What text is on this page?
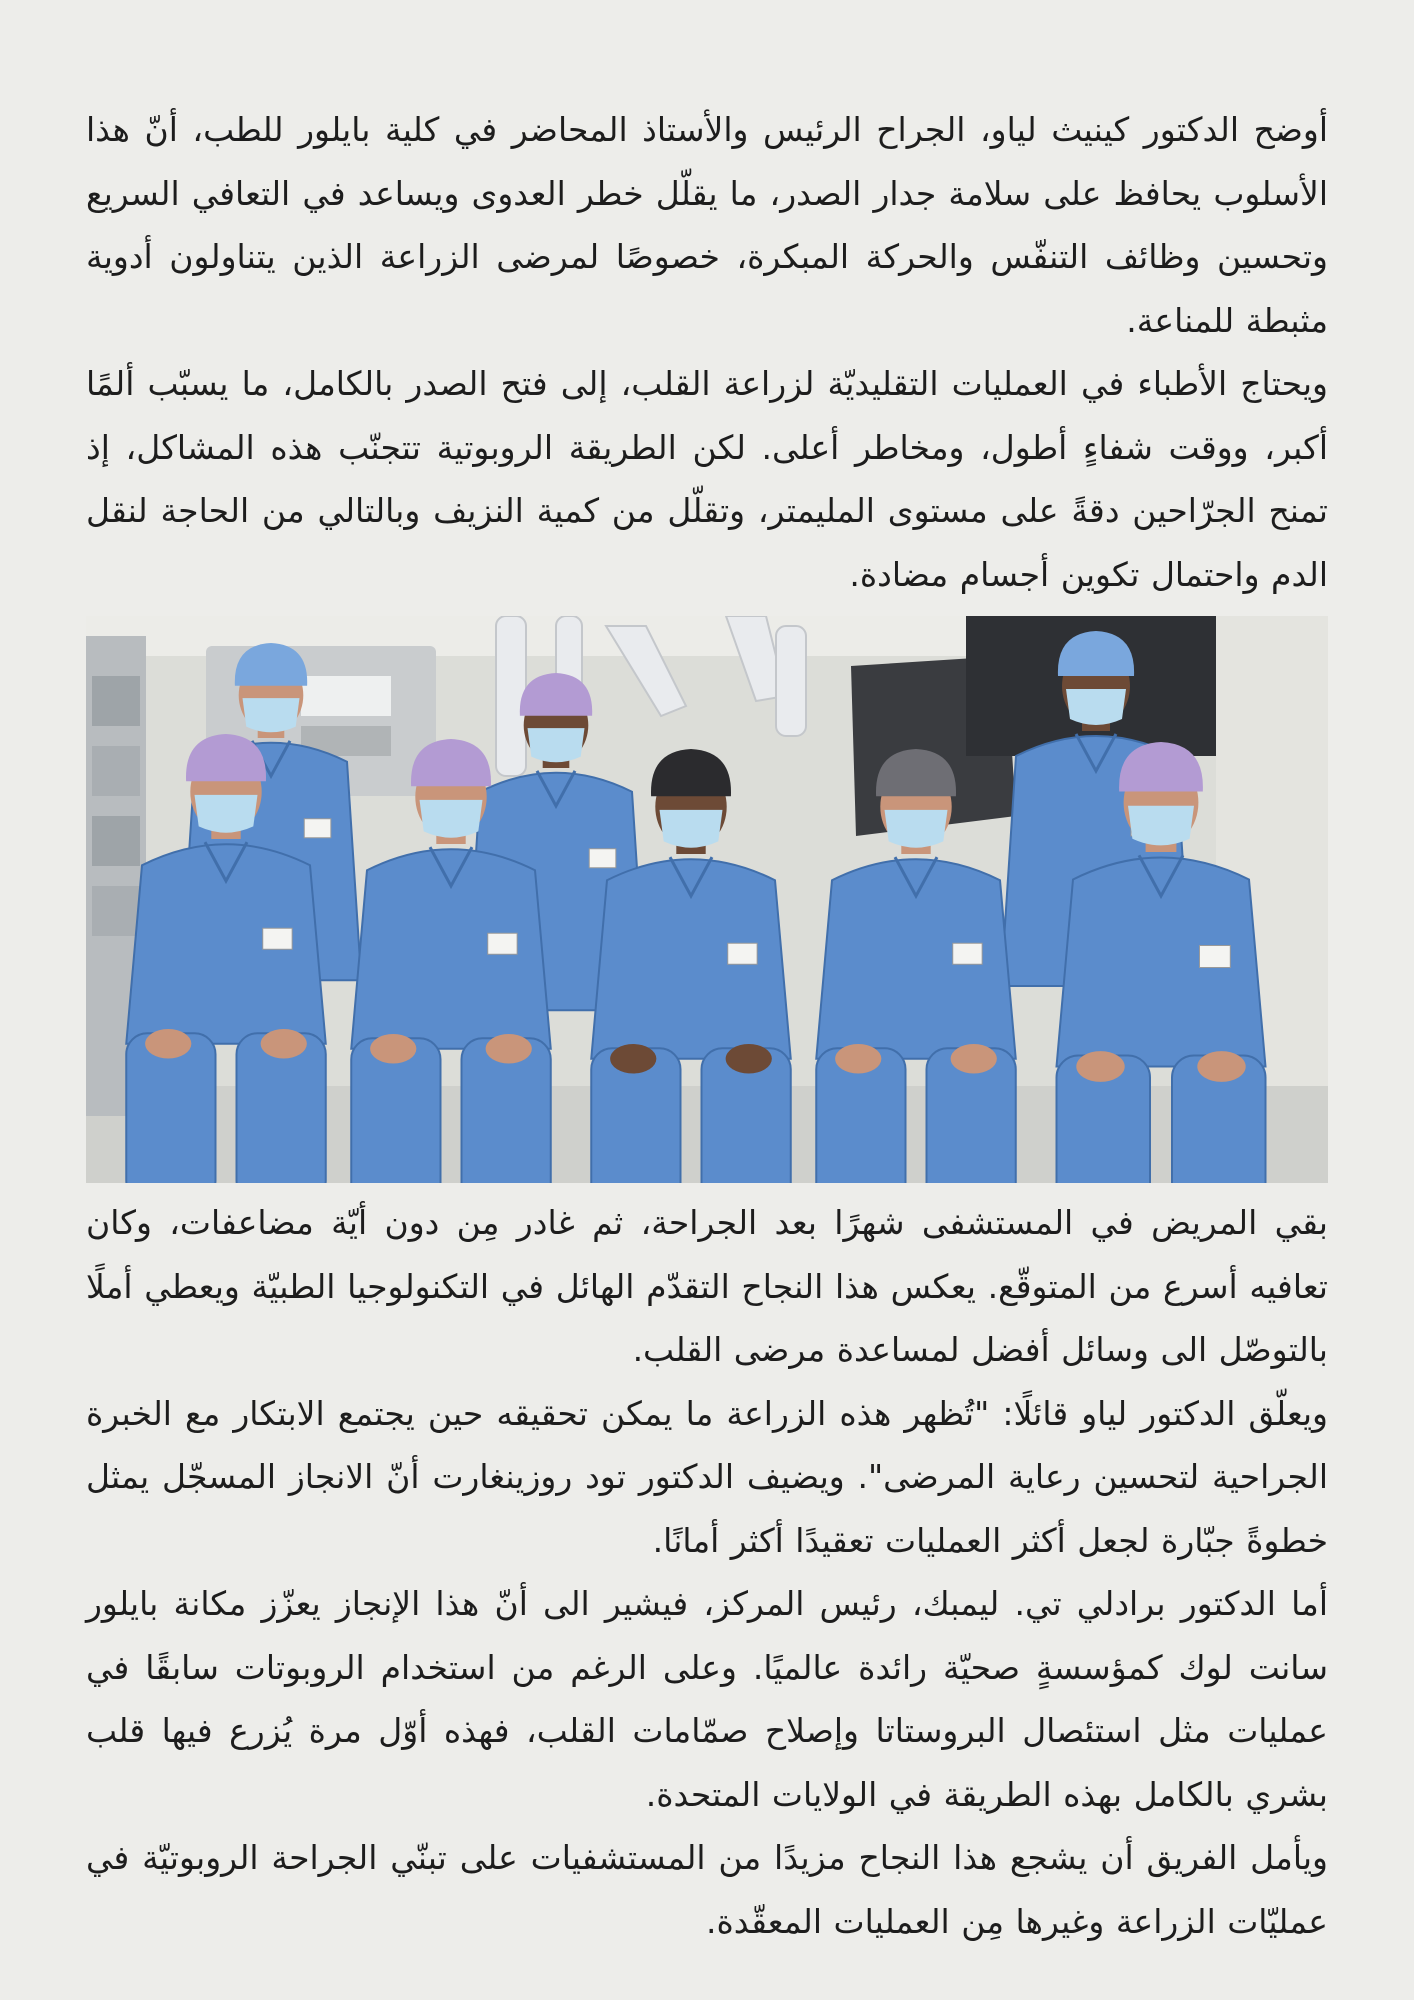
أوضح الدكتور كينيث لياو، الجراح الرئيس والأستاذ المحاضر في كلية بايلور للطب، أنّ هذا الأسلوب يحافظ على سلامة جدار الصدر، ما يقلّل خطر العدوى ويساعد في التعافي السريع وتحسين وظائف التنفّس والحركة المبكرة، خصوصًا لمرضى الزراعة الذين يتناولون أدوية مثبطة للمناعة.

ويحتاج الأطباء في العمليات التقليديّة لزراعة القلب، إلى فتح الصدر بالكامل، ما يسبّب ألمًا أكبر، ووقت شفاءٍ أطول، ومخاطر أعلى. لكن الطريقة الروبوتية تتجنّب هذه المشاكل، إذ تمنح الجرّاحين دقةً على مستوى المليمتر، وتقلّل من كمية النزيف وبالتالي من الحاجة لنقل الدم واحتمال تكوين أجسام مضادة.

بقي المريض في المستشفى شهرًا بعد الجراحة، ثم غادر مِن دون أيّة مضاعفات، وكان تعافيه أسرع من المتوقّع. يعكس هذا النجاح التقدّم الهائل في التكنولوجيا الطبيّة ويعطي أملًا بالتوصّل الى وسائل أفضل لمساعدة مرضى القلب.

ويعلّق الدكتور لياو قائلًا: "تُظهر هذه الزراعة ما يمكن تحقيقه حين يجتمع الابتكار مع الخبرة الجراحية لتحسين رعاية المرضى". ويضيف الدكتور تود روزينغارت أنّ الانجاز المسجّل يمثل خطوةً جبّارة لجعل أكثر العمليات تعقيدًا أكثر أمانًا.

أما الدكتور برادلي تي. ليمبك، رئيس المركز، فيشير الى أنّ هذا الإنجاز يعزّز مكانة بايلور سانت لوك كمؤسسةٍ صحيّة رائدة عالميًا. وعلى الرغم من استخدام الروبوتات سابقًا في عمليات مثل استئصال البروستاتا وإصلاح صمّامات القلب، فهذه أوّل مرة يُزرع فيها قلب بشري بالكامل بهذه الطريقة في الولايات المتحدة.

ويأمل الفريق أن يشجع هذا النجاح مزيدًا من المستشفيات على تبنّي الجراحة الروبوتيّة في عمليّات الزراعة وغيرها مِن العمليات المعقّدة.
